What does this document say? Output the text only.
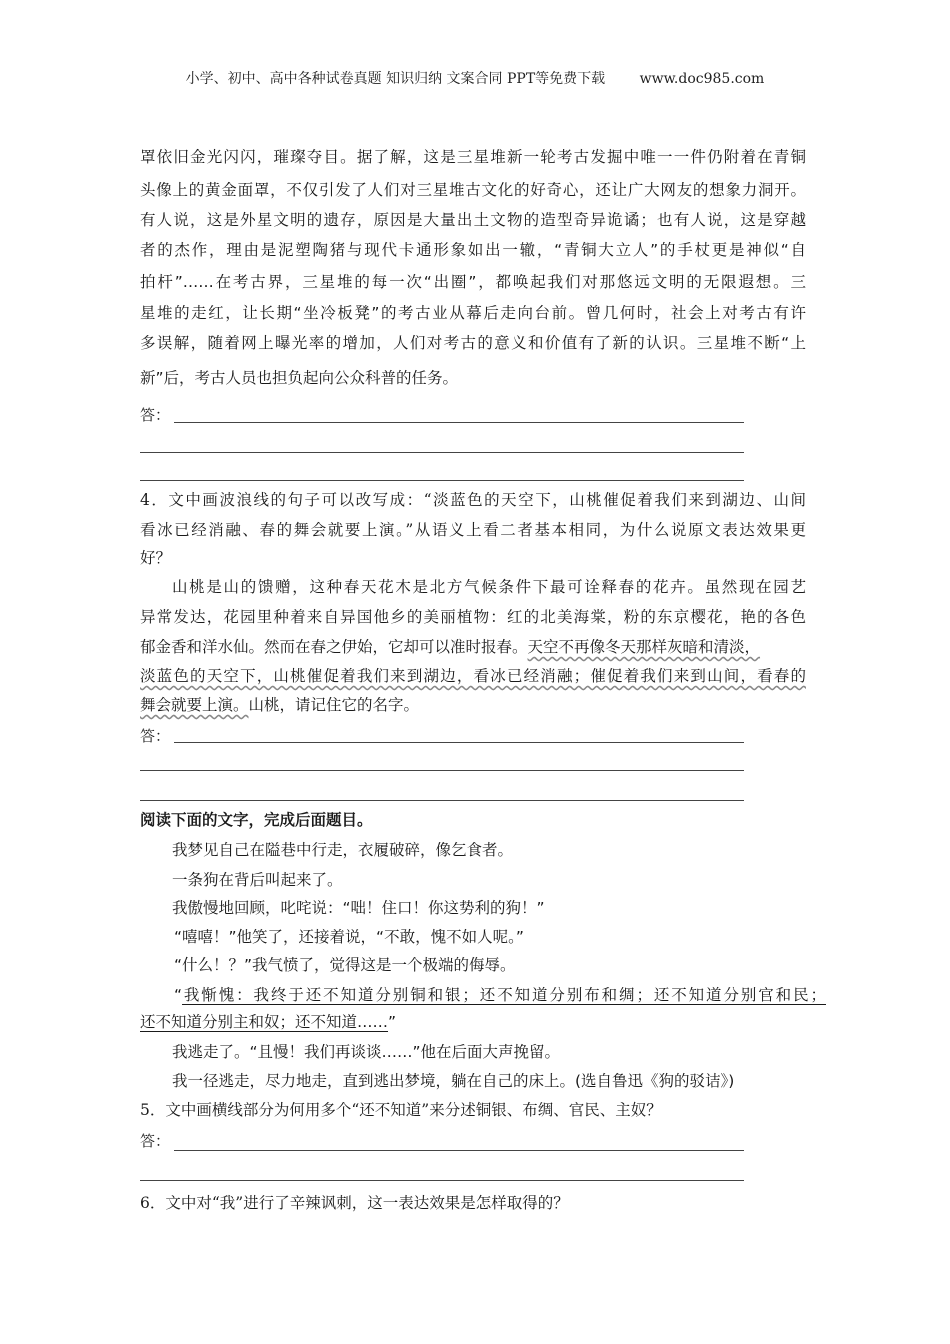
小学、初中、高中各种试卷真题 知识归纳 文案合同 PPT等免费下载 www.doc985.com
罩依旧金光闪闪，璀璨夺目。据了解，这是三星堆新一轮考古发掘中唯一一件仍附着在青铜
头像上的黄金面罩，不仅引发了人们对三星堆古文化的好奇心，还让广大网友的想象力洞开。
有人说，这是外星文明的遗存，原因是大量出土文物的造型奇异诡谲；也有人说，这是穿越
者的杰作，理由是泥塑陶猪与现代卡通形象如出一辙，“青铜大立人”的手杖更是神似“自
拍杆”……在考古界，三星堆的每一次“出圈”，都唤起我们对那悠远文明的无限遐想。三
星堆的走红，让长期“坐冷板凳”的考古业从幕后走向台前。曾几何时，社会上对考古有许
多误解，随着网上曝光率的增加，人们对考古的意义和价值有了新的认识。三星堆不断“上
新”后，考古人员也担负起向公众科普的任务。
答：
4．文中画波浪线的句子可以改写成：“淡蓝色的天空下，山桃催促着我们来到湖边、山间
看冰已经消融、春的舞会就要上演。”从语义上看二者基本相同，为什么说原文表达效果更
好？
山桃是山的馈赠，这种春天花木是北方气候条件下最可诠释春的花卉。虽然现在园艺
异常发达，花园里种着来自异国他乡的美丽植物：红的北美海棠，粉的东京樱花，艳的各色
郁金香和洋水仙。然而在春之伊始，它却可以准时报春。天空不再像冬天那样灰暗和清淡，
淡蓝色的天空下，山桃催促着我们来到湖边，看冰已经消融；催促着我们来到山间，看春的
舞会就要上演。山桃，请记住它的名字。
答：
阅读下面的文字，完成后面题目。
我梦见自己在隘巷中行走，衣履破碎，像乞食者。
一条狗在背后叫起来了。
我傲慢地回顾，叱咤说：“咄！住口！你这势利的狗！”
“嘻嘻！”他笑了，还接着说，“不敢，愧不如人呢。”
“什么！？”我气愤了，觉得这是一个极端的侮辱。
“我惭愧：我终于还不知道分别铜和银；还不知道分别布和绸；还不知道分别官和民；
还不知道分别主和奴；还不知道……”
我逃走了。“且慢！我们再谈谈……”他在后面大声挽留。
我一径逃走，尽力地走，直到逃出梦境，躺在自己的床上。(选自鲁迅《狗的驳诘》)
5．文中画横线部分为何用多个“还不知道”来分述铜银、布绸、官民、主奴？
答：
6．文中对“我”进行了辛辣讽刺，这一表达效果是怎样取得的？
